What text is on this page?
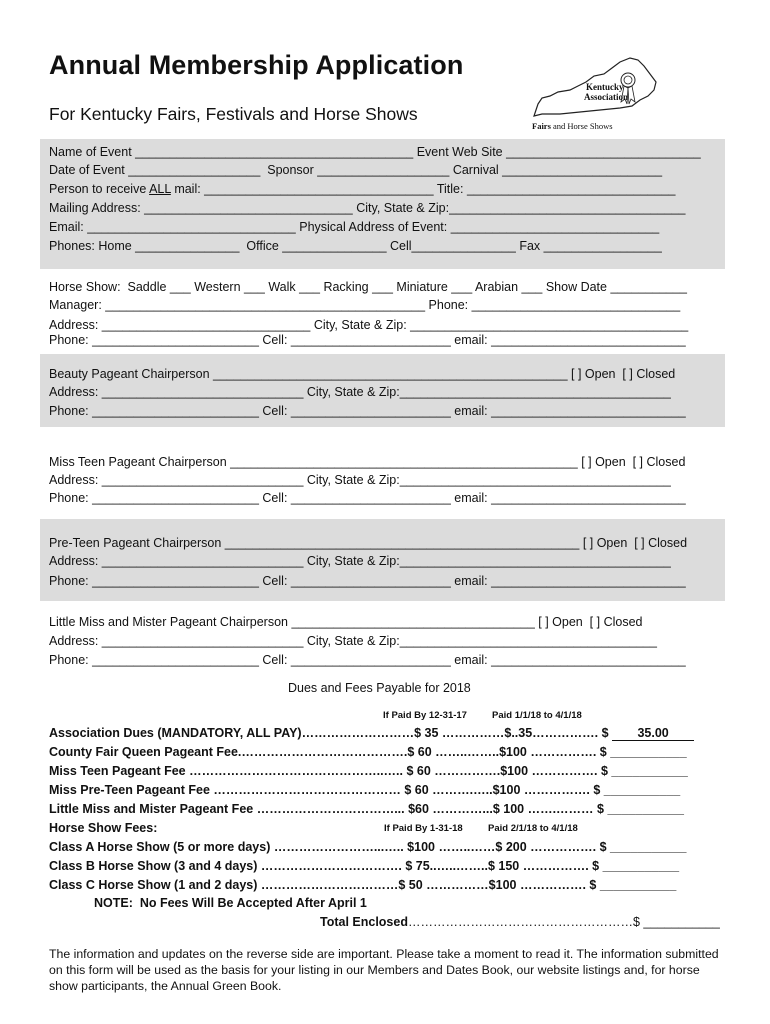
Annual Membership Application
For Kentucky Fairs, Festivals and Horse Shows
Kentucky
Association
Fairs and Horse Shows
Name of Event ________________________________________ Event Web Site ____________________________
Date of Event ___________________  Sponsor ___________________ Carnival _______________________
Person to receive ALL mail: _________________________________ Title: ______________________________
Mailing Address: ______________________________ City, State & Zip:__________________________________
Email: ______________________________ Physical Address of Event: ______________________________
Phones: Home _______________  Office _______________ Cell_______________ Fax _________________
Horse Show:  Saddle ___ Western ___ Walk ___ Racking ___ Miniature ___ Arabian ___ Show Date ___________
Manager: ______________________________________________ Phone: ______________________________
Address: ______________________________ City, State & Zip: ________________________________________
Phone: ________________________ Cell: _______________________ email: ____________________________
Beauty Pageant Chairperson ___________________________________________________ [ ] Open  [ ] Closed
Address: _____________________________ City, State & Zip:_______________________________________
Phone: ________________________ Cell: _______________________ email: ____________________________
Miss Teen Pageant Chairperson __________________________________________________ [ ] Open  [ ] Closed
Address: _____________________________ City, State & Zip:_______________________________________
Phone: ________________________ Cell: _______________________ email: ____________________________
Pre-Teen Pageant Chairperson ___________________________________________________ [ ] Open  [ ] Closed
Address: _____________________________ City, State & Zip:_______________________________________
Phone: ________________________ Cell: _______________________ email: ____________________________
Little Miss and Mister Pageant Chairperson ___________________________________ [ ] Open  [ ] Closed
Address: _____________________________ City, State & Zip:_____________________________________
Phone: ________________________ Cell: _______________________ email: ____________________________
Dues and Fees Payable for 2018
If Paid By 12-31-17	Paid 1/1/18 to 4/1/18
Association Dues (MANDATORY, ALL PAY)………………………$ 35 ……………$..35……………. $ 35.00
County Fair Queen Pageant Fee.………………………………….$ 60 ……..……..$100 ……………. $ ___________
Miss Teen Pageant Fee ………………………………………..….. $ 60 …………….$100 ……………. $ ___________
Miss Pre-Teen Pageant Fee ……………………………………… $ 60 ……….…..$100 ……………. $ ___________
Little Miss and Mister Pageant Fee ……………………………... $60 …………...$ 100 …….……… $ ___________
Horse Show Fees:	If Paid By 1-31-18	Paid 2/1/18 to 4/1/18
Class A Horse Show (5 or more days) ……………………...….. $100 ……..……$ 200 ……………. $ ___________
Class B Horse Show (3 and 4 days) ……………………………. $ 75..…..……..$ 150 ……………. $ ___________
Class C Horse Show (1 and 2 days) ……………………………$ 50 ……………$100 ……………. $ ___________
NOTE:  No Fees Will Be Accepted After April 1
Total Enclosed………………………………………………$ ___________
The information and updates on the reverse side are important. Please take a moment to read it. The information submitted on this form will be used as the basis for your listing in our Members and Dates Book, our website listings and, for horse show participants, the Annual Green Book.
